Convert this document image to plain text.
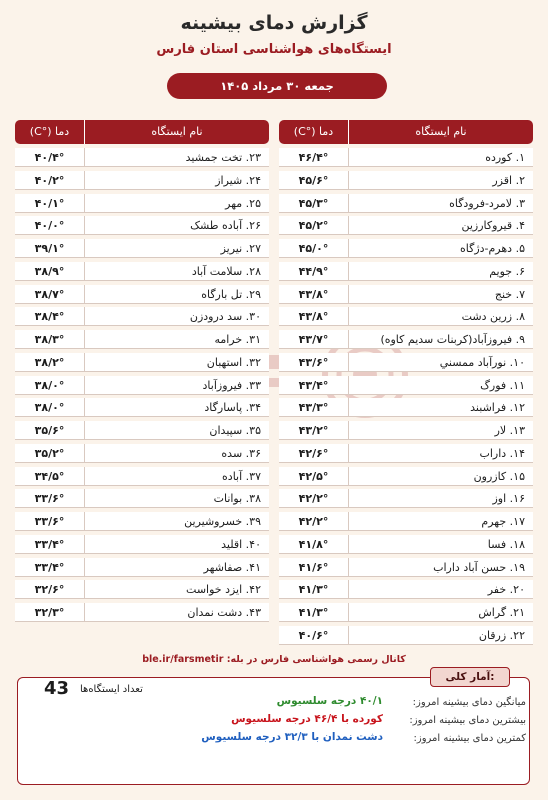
گزارش دمای بیشینه
ایستگاه‌های هواشناسی استان فارس
جمعه ۳۰ مرداد ۱۴۰۵
نام ایستگاه
دما (°C)
۱. کورده
۴۶/۴°
۲. اقزر
۴۵/۶°
۳. لامرد-فرودگاه
۴۵/۳°
۴. قیروکارزین
۴۵/۲°
۵. دهرم-دژگاه
۴۵/۰°
۶. جویم
۴۴/۹°
۷. خنج
۴۳/۸°
۸. زرین دشت
۴۳/۸°
۹. فیروزآباد(کربنات سدیم کاوه)
۴۳/۷°
۱۰. نورآباد ممسني
۴۳/۶°
۱۱. فورگ
۴۳/۴°
۱۲. فراشبند
۴۳/۳°
۱۳. لار
۴۳/۲°
۱۴. داراب
۴۲/۶°
۱۵. کازرون
۴۲/۵°
۱۶. اوز
۴۲/۲°
۱۷. جهرم
۴۲/۲°
۱۸. فسا
۴۱/۸°
۱۹. حسن آباد داراب
۴۱/۶°
۲۰. خفر
۴۱/۳°
۲۱. گراش
۴۱/۳°
۲۲. زرقان
۴۰/۶°
نام ایستگاه
دما (°C)
۲۳. تخت جمشید
۴۰/۴°
۲۴. شیراز
۴۰/۲°
۲۵. مهر
۴۰/۱°
۲۶. آباده طشک
۴۰/۰°
۲۷. نیریز
۳۹/۱°
۲۸. سلامت آباد
۳۸/۹°
۲۹. تل بارگاه
۳۸/۷°
۳۰. سد درودزن
۳۸/۴°
۳۱. خرامه
۳۸/۳°
۳۲. استهبان
۳۸/۲°
۳۳. فیروزآباد
۳۸/۰°
۳۴. پاسارگاد
۳۸/۰°
۳۵. سپیدان
۳۵/۶°
۳۶. سده
۳۵/۲°
۳۷. آباده
۳۴/۵°
۳۸. بوانات
۳۳/۶°
۳۹. خسروشیرین
۳۳/۶°
۴۰. اقلید
۳۳/۴°
۴۱. صفاشهر
۳۳/۴°
۴۲. ایزد خواست
۳۲/۶°
۴۳. دشت نمدان
۳۲/۳°
کانال رسمی هواشناسی فارس در بله: ble.ir/farsmetir
آمار کلی:
تعداد ایستگاه‌ها
43
میانگین دمای بیشینه امروز:
۴۰/۱ درجه سلسیوس
بیشترین دمای بیشینه امروز:
کورده با ۴۶/۴ درجه سلسیوس
کمترین دمای بیشینه امروز:
دشت نمدان با ۳۲/۳ درجه سلسیوس
